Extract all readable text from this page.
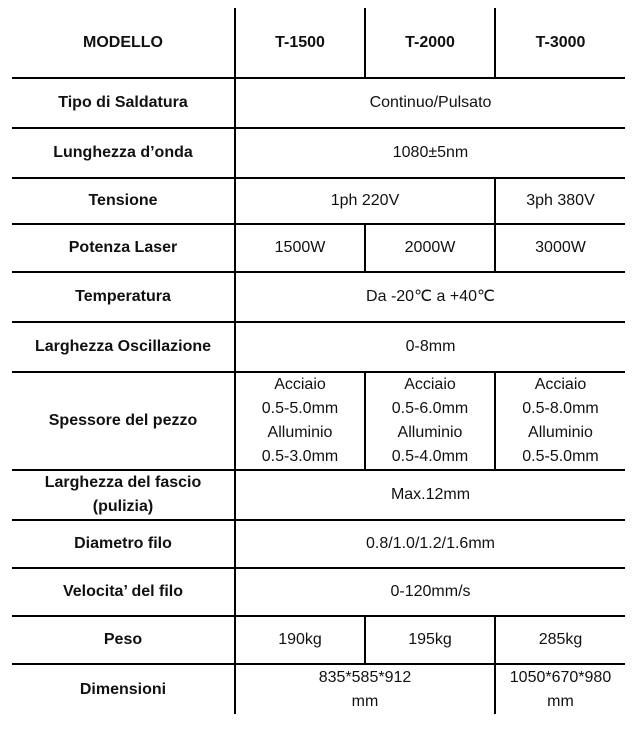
MODELLO	T-1500	T-2000	T-3000
Tipo di Saldatura	Continuo/Pulsato		
Lunghezza d’onda	1080±5nm		
Tensione	1ph 220V		3ph 380V
Potenza Laser	1500W	2000W	3000W
Temperatura	Da -20℃ a +40℃		
Larghezza Oscillazione	0-8mm		
Spessore del pezzo	Acciaio
0.5-5.0mm
Alluminio
0.5-3.0mm	Acciaio
0.5-6.0mm
Alluminio
0.5-4.0mm	Acciaio
0.5-8.0mm
Alluminio
0.5-5.0mm

Larghezza del fascio
(pulizia)	Max.12mm		
Diametro filo	0.8/1.0/1.2/1.6mm		
Velocita’ del filo	0-120mm/s		
Peso	190kg	195kg	285kg
Dimensioni	835*585*912
mm		1050*670*980
mm
